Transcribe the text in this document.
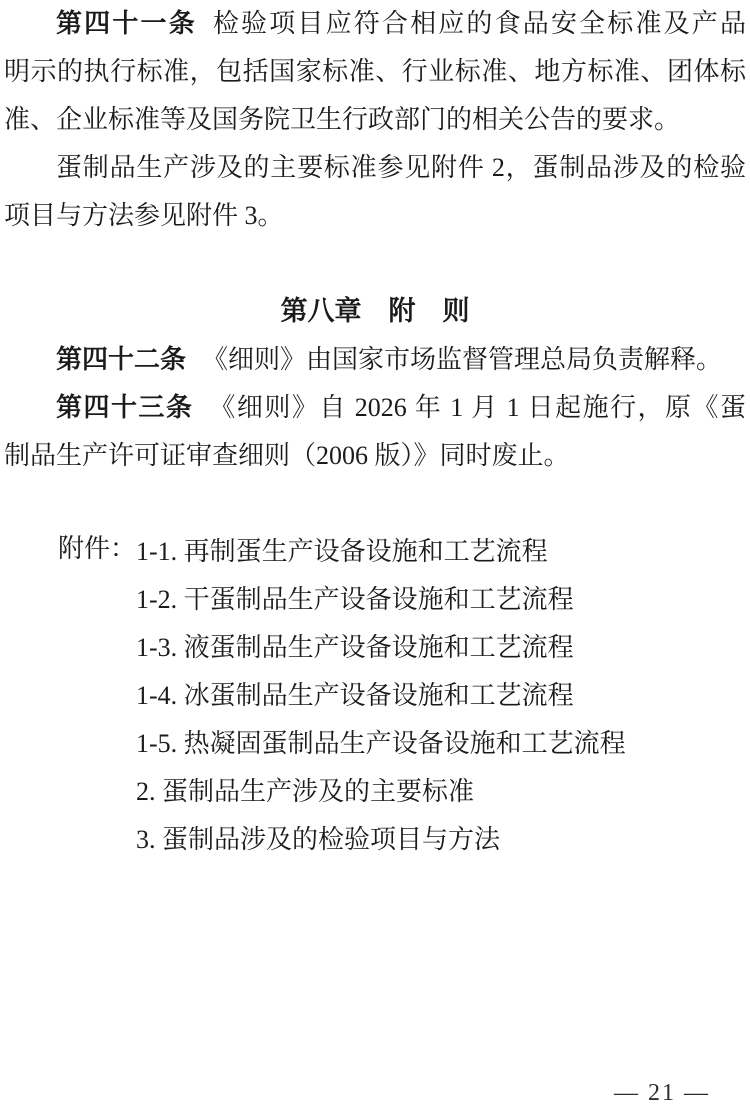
第四十一条 检验项目应符合相应的食品安全标准及产品
明示的执行标准，包括国家标准、行业标准、地方标准、团体标
准、企业标准等及国务院卫生行政部门的相关公告的要求。
蛋制品生产涉及的主要标准参见附件 2，蛋制品涉及的检验
项目与方法参见附件 3。
第八章　附　则
第四十二条 《细则》由国家市场监督管理总局负责解释。
第四十三条 《细则》自 2026 年 1 月 1 日起施行，原《蛋
制品生产许可证审查细则（2006 版）》同时废止。
附件： 1-1. 再制蛋生产设备设施和工艺流程
1-2. 干蛋制品生产设备设施和工艺流程
1-3. 液蛋制品生产设备设施和工艺流程
1-4. 冰蛋制品生产设备设施和工艺流程
1-5. 热凝固蛋制品生产设备设施和工艺流程
2. 蛋制品生产涉及的主要标准
3. 蛋制品涉及的检验项目与方法
— 21 —
